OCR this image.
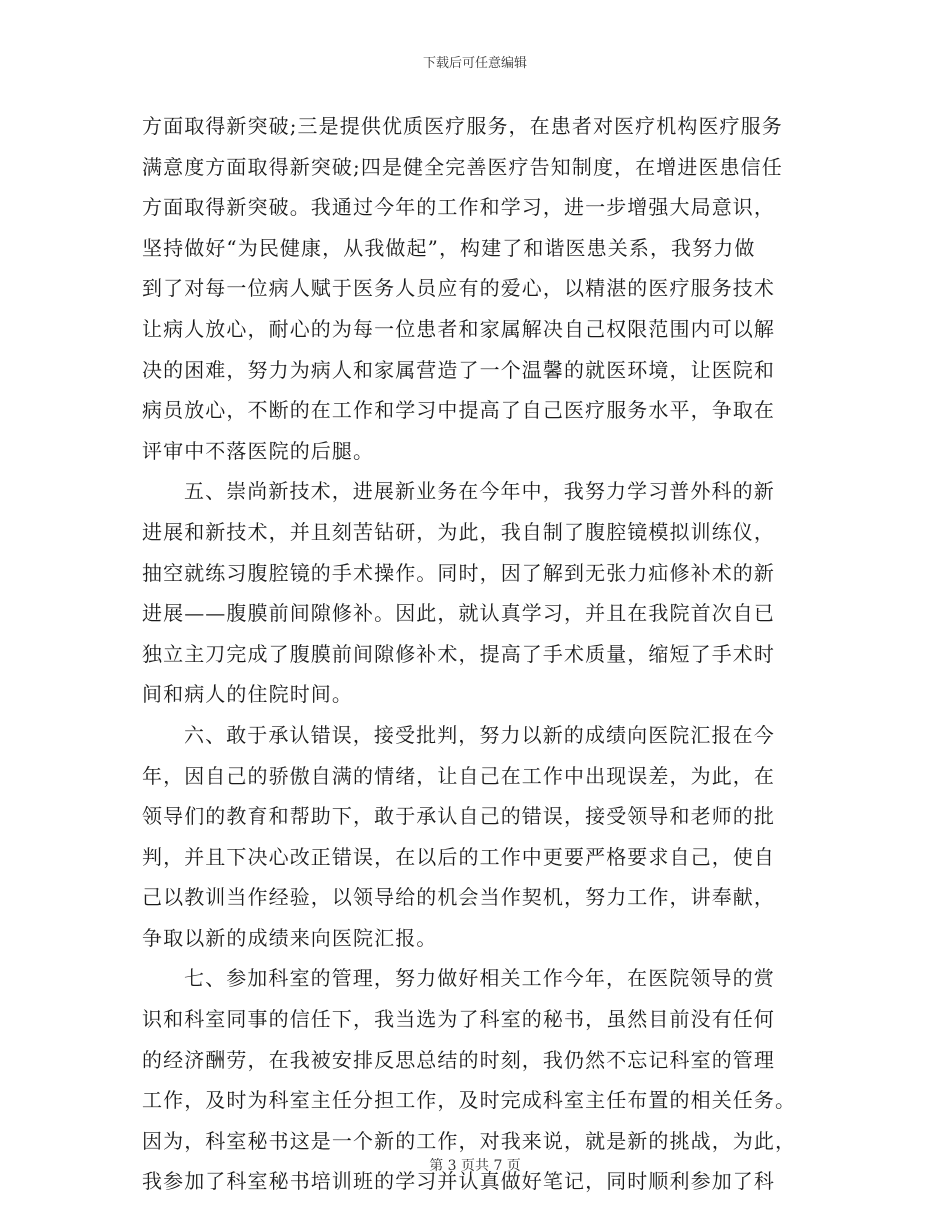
下载后可任意编辑
方面取得新突破;三是提供优质医疗服务，在患者对医疗机构医疗服务
满意度方面取得新突破;四是健全完善医疗告知制度，在增进医患信任
方面取得新突破。我通过今年的工作和学习，进一步增强大局意识，
坚持做好“为民健康，从我做起”，构建了和谐医患关系，我努力做
到了对每一位病人赋于医务人员应有的爱心，以精湛的医疗服务技术
让病人放心，耐心的为每一位患者和家属解决自己权限范围内可以解
决的困难，努力为病人和家属营造了一个温馨的就医环境，让医院和
病员放心，不断的在工作和学习中提高了自己医疗服务水平，争取在
评审中不落医院的后腿。
五、崇尚新技术，进展新业务在今年中，我努力学习普外科的新
进展和新技术，并且刻苦钻研，为此，我自制了腹腔镜模拟训练仪，
抽空就练习腹腔镜的手术操作。同时，因了解到无张力疝修补术的新
进展——腹膜前间隙修补。因此，就认真学习，并且在我院首次自已
独立主刀完成了腹膜前间隙修补术，提高了手术质量，缩短了手术时
间和病人的住院时间。
六、敢于承认错误，接受批判，努力以新的成绩向医院汇报在今
年，因自己的骄傲自满的情绪，让自己在工作中出现误差，为此，在
领导们的教育和帮助下，敢于承认自己的错误，接受领导和老师的批
判，并且下决心改正错误，在以后的工作中更要严格要求自己，使自
己以教训当作经验，以领导给的机会当作契机，努力工作，讲奉献，
争取以新的成绩来向医院汇报。
七、参加科室的管理，努力做好相关工作今年，在医院领导的赏
识和科室同事的信任下，我当选为了科室的秘书，虽然目前没有任何
的经济酬劳，在我被安排反思总结的时刻，我仍然不忘记科室的管理
工作，及时为科室主任分担工作，及时完成科室主任布置的相关任务。
因为，科室秘书这是一个新的工作，对我来说，就是新的挑战，为此，
我参加了科室秘书培训班的学习并认真做好笔记，同时顺利参加了科
第 3 页共 7 页
